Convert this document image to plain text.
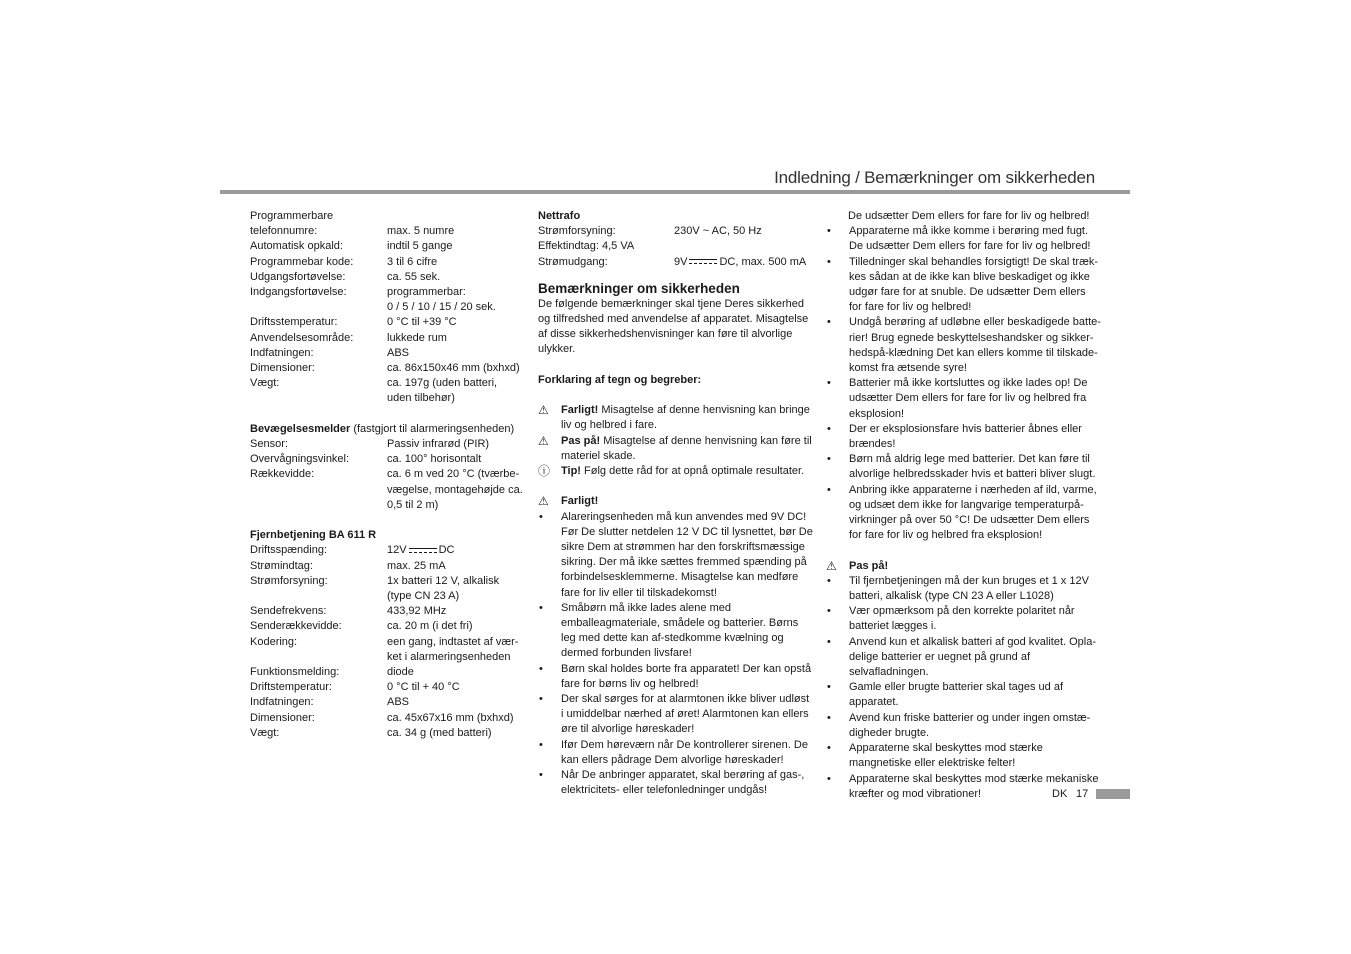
Indledning / Bemærkninger om sikkerheden
Programmerbare
telefonnumre:	max. 5 numre
Automatisk opkald:	indtil 5 gange
Programmebar kode:	3 til 6 cifre
Udgangsfortøvelse:	ca. 55 sek.
Indgangsfortøvelse:	programmerbar:
0 / 5 / 10 / 15 / 20 sek.
Driftsstemperatur:	0 °C til +39 °C
Anvendelsesområde:	lukkede rum
Indfatningen:	ABS
Dimensioner:	ca. 86x150x46 mm (bxhxd)
Vægt:	ca. 197g (uden batteri,
uden tilbehør)
Bevægelsesmelder (fastgjort til alarmeringsenheden)
Sensor:	Passiv infrarød (PIR)
Overvågningsvinkel:	ca. 100° horisontalt
Rækkevidde:	ca. 6 m ved 20 °C (tværbe-
vægelse, montagehøjde ca.
0,5 til 2 m)
Fjernbetjening BA 611 R
Driftsspænding:	12V	DC
Strømindtag:	max. 25 mA
Strømforsyning:	1x batteri 12 V, alkalisk
(type CN 23 A)
Sendefrekvens:	433,92 MHz
Senderækkevidde:	ca. 20 m (i det fri)
Kodering:	een gang, indtastet af vær-
ket i alarmeringsenheden
Funktionsmelding:	diode
Driftstemperatur:	0 °C til + 40 °C
Indfatningen:	ABS
Dimensioner:	ca. 45x67x16 mm (bxhxd)
Vægt:	ca. 34 g (med batteri)
Nettrafo
Strømforsyning:	230V ~ AC, 50 Hz
Effektindtag: 4,5 VA
Strømudgang:	9V	DC, max. 500 mA
Bemærkninger om sikkerheden
De følgende bemærkninger skal tjene Deres sikkerhed og tilfredshed med anvendelse af apparatet. Misagtelse af disse sikkerhedshenvisninger kan føre til alvorlige ulykker.
Forklaring af tegn og begreber:
⚠	Farligt! Misagtelse af denne henvisning kan bringe liv og helbred i fare.
⚠	Pas på! Misagtelse af denne henvisning kan føre til materiel skade.
ⓘ Tip! Følg dette råd for at opnå optimale resultater.
⚠	Farligt!
•	Alareringsenheden må kun anvendes med 9V DC! Før De slutter netdelen 12 V DC til lysnettet, bør De sikre Dem at strømmen har den forskriftsmæssige sikring. Der må ikke sættes fremmed spænding på forbindelsesklemmerne. Misagtelse kan medføre fare for liv eller til tilskadekomst!
•	Småbørn må ikke lades alene med emballeagmateriale, smådele og batterier. Børns leg med dette kan af-stedkomme kvælning og dermed forbunden livsfare!
•	Børn skal holdes borte fra apparatet! Der kan opstå fare for børns liv og helbred!
•	Der skal sørges for at alarmtonen ikke bliver udløst i umiddelbar nærhed af øret! Alarmtonen kan ellers øre til alvorlige høreskader!
•	Ifør Dem høreværn når De kontrollerer sirenen. De kan ellers pådrage Dem alvorlige høreskader!
•	Når De anbringer apparatet, skal berøring af gas-, elektricitets- eller telefonledninger undgås!
De udsætter Dem ellers for fare for liv og helbred!
•	Apparaterne må ikke komme i berøring med fugt. De udsætter Dem ellers for fare for liv og helbred!
•	Tilledninger skal behandles forsigtigt! De skal træk-kes sådan at de ikke kan blive beskadiget og ikke udgør fare for at snuble. De udsætter Dem ellers for fare for liv og helbred!
•	Undgå berøring af udløbne eller beskadigede batte-rier! Brug egnede beskyttelseshandsker og sikker-hedspå-klædning Det kan ellers komme til tilskade-komst fra ætsende syre!
•	Batterier må ikke kortsluttes og ikke lades op! De udsætter Dem ellers for fare for liv og helbred fra eksplosion!
•	Der er eksplosionsfare hvis batterier åbnes eller brændes!
•	Børn må aldrig lege med batterier. Det kan føre til alvorlige helbredsskader hvis et batteri bliver slugt.
•	Anbring ikke apparaterne i nærheden af ild, varme, og udsæt dem ikke for langvarige temperaturpå-virkninger på over 50 °C! De udsætter Dem ellers for fare for liv og helbred fra eksplosion!
⚠	Pas på!
•	Til fjernbetjeningen må der kun bruges et 1 x 12V batteri, alkalisk (type CN 23 A eller L1028)
•	Vær opmærksom på den korrekte polaritet når batteriet lægges i.
•	Anvend kun et alkalisk batteri af god kvalitet. Opla-delige batterier er uegnet på grund af selvafladningen.
•	Gamle eller brugte batterier skal tages ud af apparatet.
•	Avend kun friske batterier og under ingen omstæ-digheder brugte.
•	Apparaterne skal beskyttes mod stærke mangnetiske eller elektriske felter!
•	Apparaterne skal beskyttes mod stærke mekaniske kræfter og mod vibrationer!	DK 17
